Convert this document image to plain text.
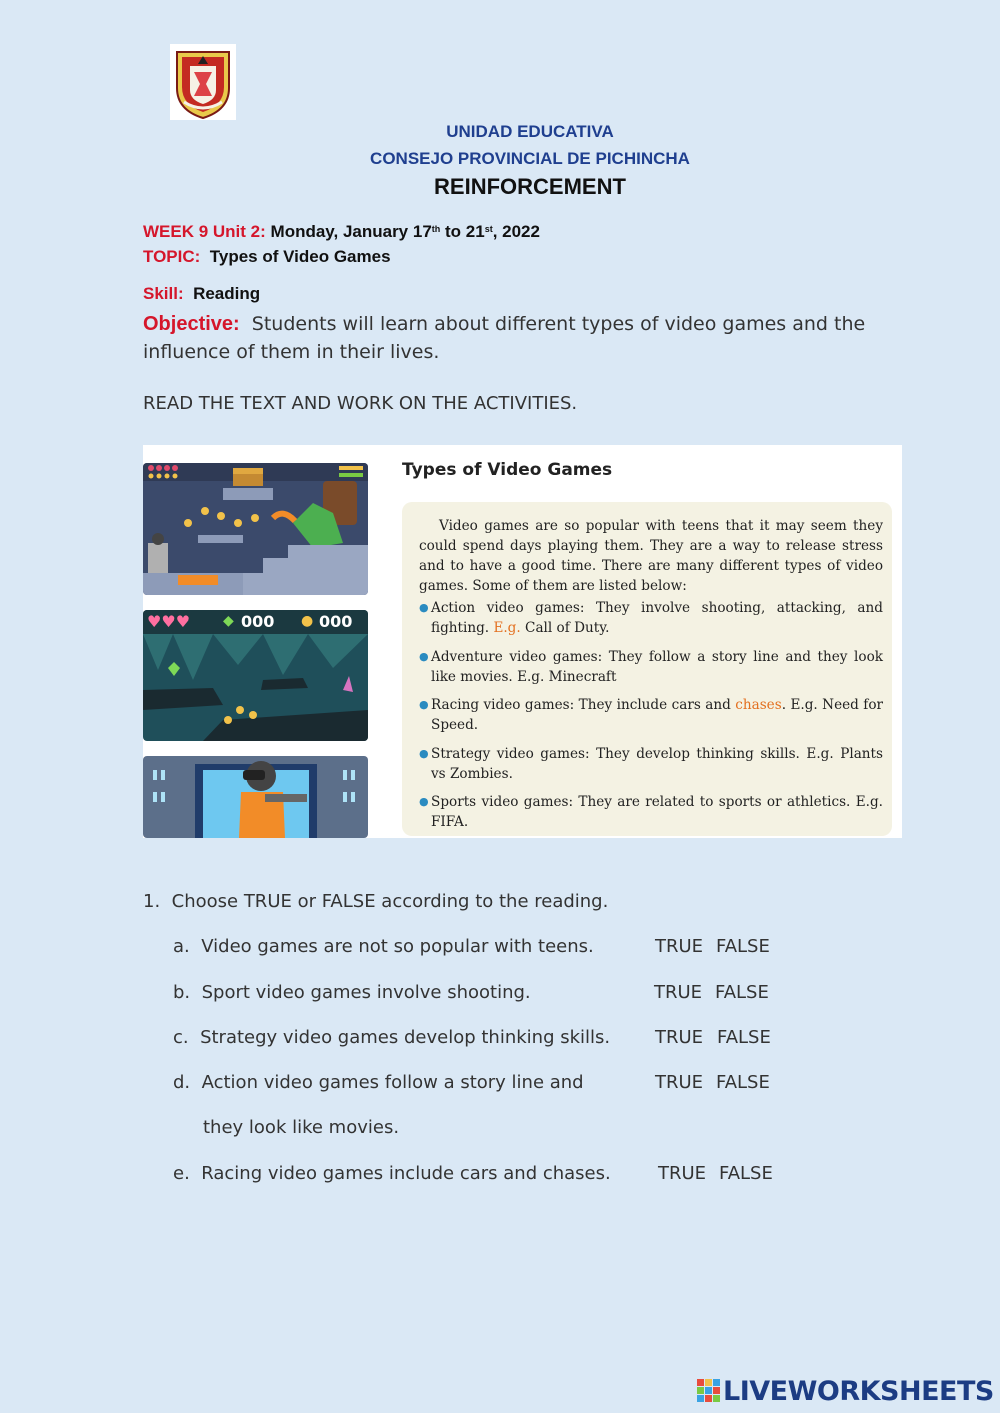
UNIDAD EDUCATIVA
CONSEJO PROVINCIAL DE PICHINCHA
REINFORCEMENT
WEEK 9 Unit 2: Monday, January 17th to 21st, 2022
TOPIC: Types of Video Games
Skill: Reading
Objective: Students will learn about different types of video games and the influence of them in their lives.
READ THE TEXT AND WORK ON THE ACTIVITIES.
♥♥♥ ◆ 000 ● 000
Types of Video Games

Video games are so popular with teens that it may seem they could spend days playing them. They are a way to release stress and to have a good time. There are many different types of video games. Some of them are listed below:

● Action video games: They involve shooting, attacking, and fighting. E.g. Call of Duty.
● Adventure video games: They follow a story line and they look like movies. E.g. Minecraft
● Racing video games: They include cars and chases. E.g. Need for Speed.
● Strategy video games: They develop thinking skills. E.g. Plants vs Zombies.
● Sports video games: They are related to sports or athletics. E.g. FIFA.
1. Choose TRUE or FALSE according to the reading.
a. Video games are not so popular with teens.	TRUE FALSE
b. Sport video games involve shooting.	TRUE FALSE
c. Strategy video games develop thinking skills. TRUE FALSE
d. Action video games follow a story line and
they look like movies.
TRUE FALSE
e. Racing video games include cars and chases.	TRUE FALSE
LIVEWORKSHEETS
